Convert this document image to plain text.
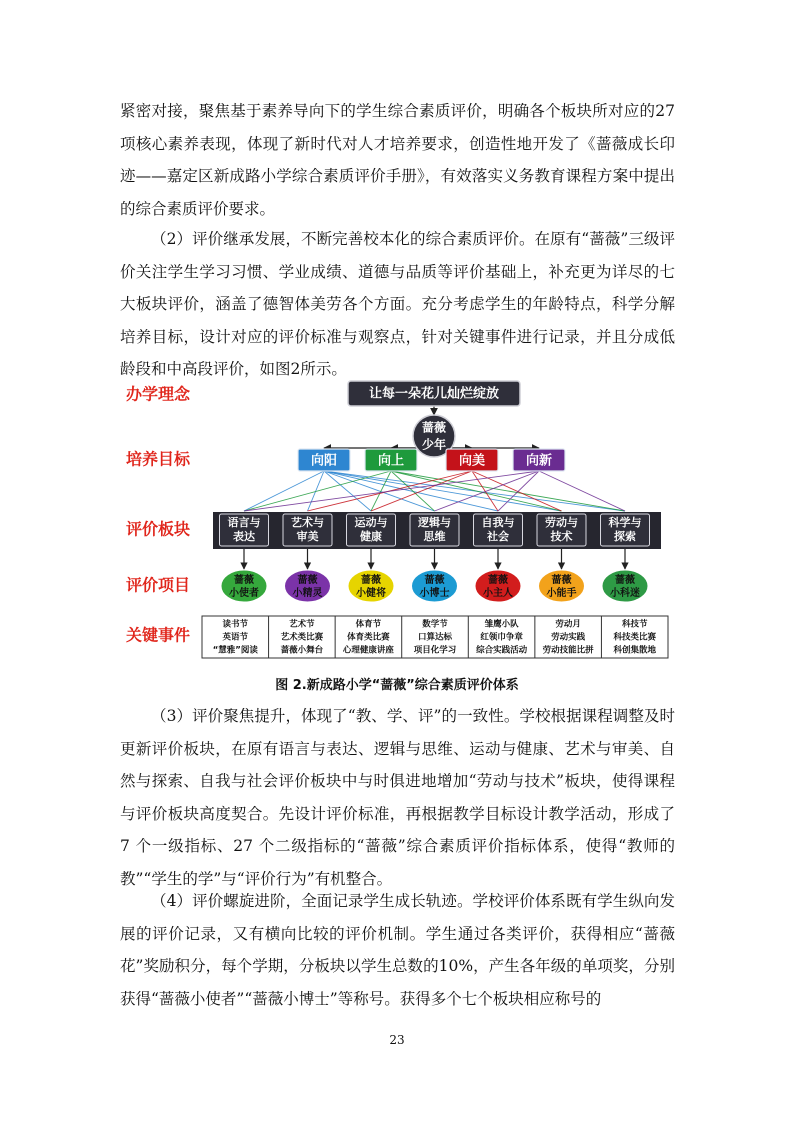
紧密对接，聚焦基于素养导向下的学生综合素质评价，明确各个板块所对应的27项核心素养表现，体现了新时代对人才培养要求，创造性地开发了《蔷薇成长印迹——嘉定区新成路小学综合素质评价手册》，有效落实义务教育课程方案中提出的综合素质评价要求。
（2）评价继承发展，不断完善校本化的综合素质评价。在原有“蔷薇”三级评价关注学生学习习惯、学业成绩、道德与品质等评价基础上，补充更为详尽的七大板块评价，涵盖了德智体美劳各个方面。充分考虑学生的年龄特点，科学分解培养目标，设计对应的评价标准与观察点，针对关键事件进行记录，并且分成低龄段和中高段评价，如图2所示。
办学理念
培养目标
评价板块
评价项目
关键事件
让每一朵花儿灿烂绽放
蔷薇
少年
向阳	向上	向美	向新
语言与
表达
艺术与
审美
运动与
健康
逻辑与
思维
自我与
社会
劳动与
技术
科学与
探索
蔷薇
小使者
蔷薇
小精灵
蔷薇
小健将
蔷薇
小博士
蔷薇
小主人
蔷薇
小能手
蔷薇
小科迷
读书节
英语节
“慧雅”阅读
艺术节
艺术类比赛
蔷薇小舞台
体育节
体育类比赛
心理健康讲座
数学节
口算达标
项目化学习
雏鹰小队
红领巾争章
综合实践活动
劳动月
劳动实践
劳动技能比拼
科技节
科技类比赛
科创集散地
图 2.新成路小学“蔷薇”综合素质评价体系
（3）评价聚焦提升，体现了“教、学、评”的一致性。学校根据课程调整及时更新评价板块，在原有语言与表达、逻辑与思维、运动与健康、艺术与审美、自然与探索、自我与社会评价板块中与时俱进地增加“劳动与技术”板块，使得课程与评价板块高度契合。先设计评价标准，再根据教学目标设计教学活动，形成了 7 个一级指标、27 个二级指标的“蔷薇”综合素质评价指标体系，使得“教师的教”“学生的学”与“评价行为”有机整合。
（4）评价螺旋进阶，全面记录学生成长轨迹。学校评价体系既有学生纵向发展的评价记录，又有横向比较的评价机制。学生通过各类评价，获得相应“蔷薇花”奖励积分，每个学期，分板块以学生总数的10%，产生各年级的单项奖，分别获得“蔷薇小使者”“蔷薇小博士”等称号。获得多个七个板块相应称号的
23
